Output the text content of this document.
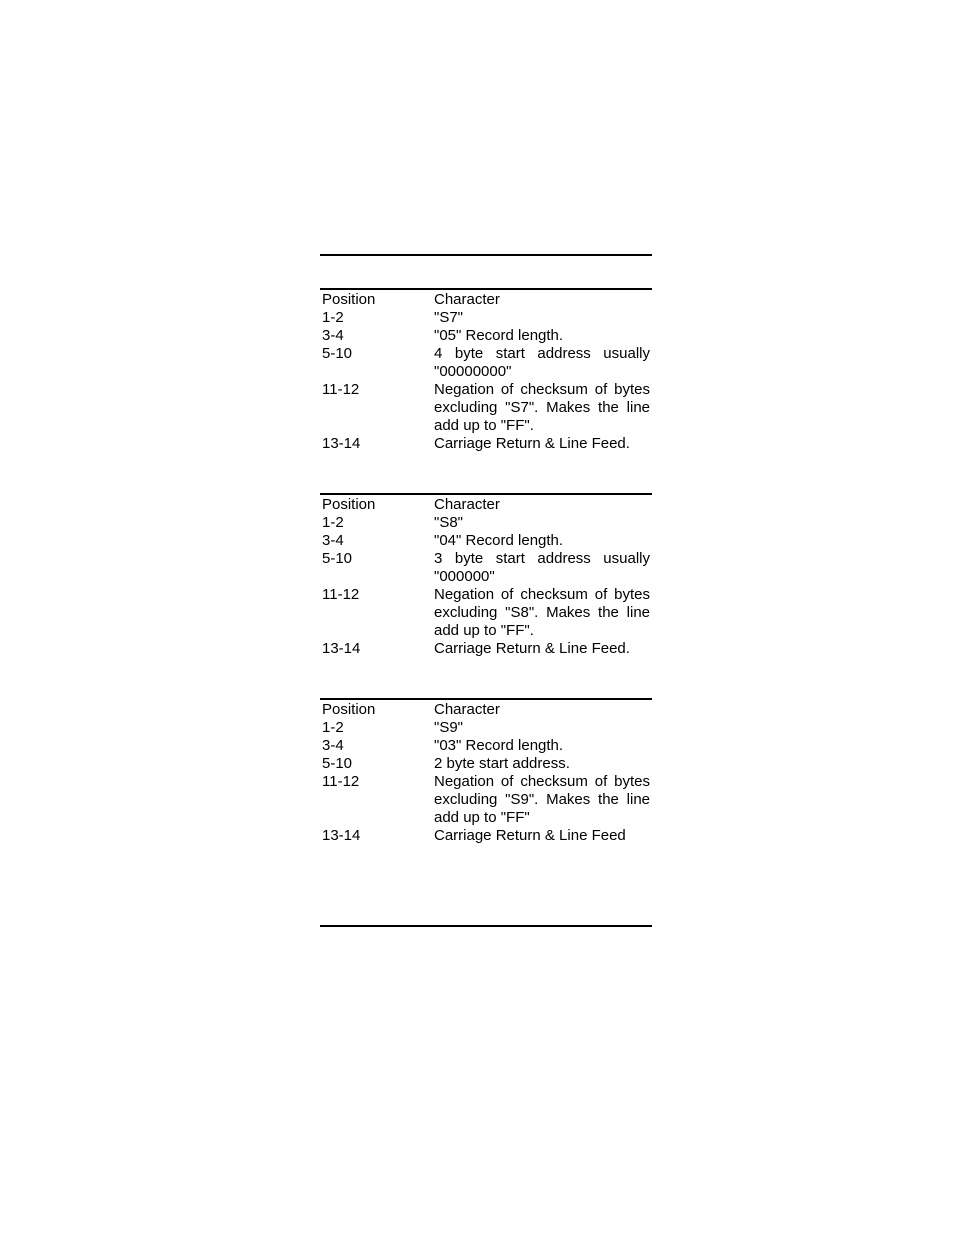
Position	Character
1-2	"S7"
3-4	"05" Record length.
5-10	4 byte start address usually "00000000"
11-12	Negation of checksum of bytes excluding "S7". Makes the line add up to "FF".
13-14	Carriage Return & Line Feed.
Position	Character
1-2	"S8"
3-4	"04" Record length.
5-10	3 byte start address usually "000000"
11-12	Negation of checksum of bytes excluding "S8". Makes the line add up to "FF".
13-14	Carriage Return & Line Feed.
Position	Character
1-2	"S9"
3-4	"03" Record length.
5-10	2 byte start address.
11-12	Negation of checksum of bytes excluding "S9". Makes the line add up to "FF"
13-14	Carriage Return & Line Feed
